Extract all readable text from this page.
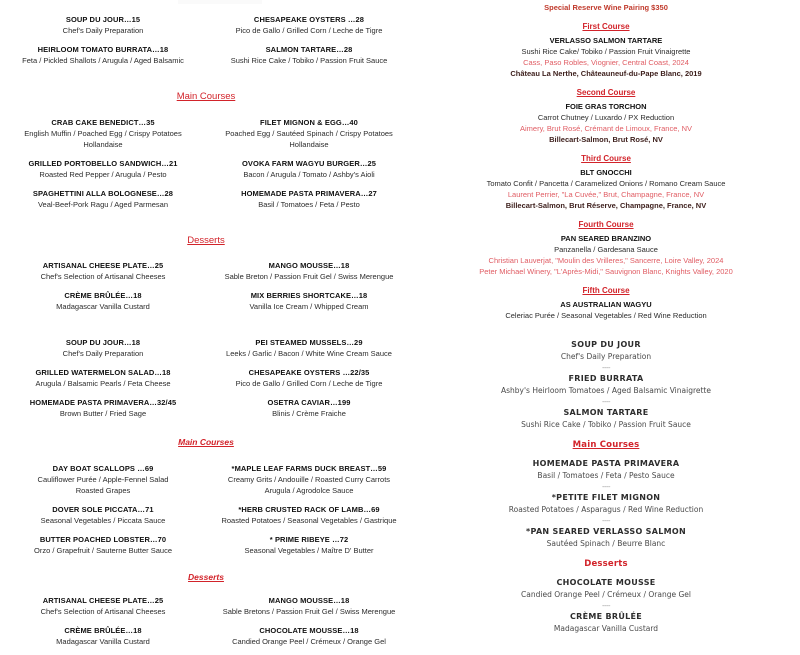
SOUP DU JOUR…15
Chef's Daily Preparation
HEIRLOOM TOMATO BURRATA…18
Feta / Pickled Shallots / Arugula / Aged Balsamic
CHESAPEAKE OYSTERS …28
Pico de Gallo / Grilled Corn / Leche de Tigre
SALMON TARTARE…28
Sushi Rice Cake / Tobiko / Passion Fruit Sauce
Main Courses
CRAB CAKE BENEDICT…35
English Muffin / Poached Egg / Crispy Potatoes
Hollandaise
GRILLED PORTOBELLO SANDWICH…21
Roasted Red Pepper / Arugula / Pesto
SPAGHETTINI ALLA BOLOGNESE…28
Veal-Beef-Pork Ragu / Aged Parmesan
FILET MIGNON & EGG…40
Poached Egg / Sautéed Spinach / Crispy Potatoes
Hollandaise
OVOKA FARM WAGYU BURGER…25
Bacon / Arugula / Tomato / Ashby's Aioli
HOMEMADE PASTA PRIMAVERA…27
Basil / Tomatoes / Feta / Pesto
Desserts
ARTISANAL CHEESE PLATE…25
Chef's Selection of Artisanal Cheeses
CRÈME BRÛLÉE…18
Madagascar Vanilla Custard
MANGO MOUSSE…18
Sable Breton / Passion Fruit Gel / Swiss Merengue
MIX BERRIES SHORTCAKE…18
Vanilla Ice Cream / Whipped Cream
SOUP DU JOUR…18
Chef's Daily Preparation
GRILLED WATERMELON SALAD…18
Arugula / Balsamic Pearls / Feta Cheese
HOMEMADE PASTA PRIMAVERA…32/45
Brown Butter / Fried Sage
PEI STEAMED MUSSELS…29
Leeks / Garlic / Bacon / White Wine Cream Sauce
CHESAPEAKE OYSTERS …22/35
Pico de Gallo / Grilled Corn / Leche de Tigre
OSETRA CAVIAR…199
Blinis / Crème Fraiche
Main Courses
DAY BOAT SCALLOPS …69
Cauliflower Purée / Apple-Fennel Salad
Roasted Grapes
DOVER SOLE PICCATA…71
Seasonal Vegetables / Piccata Sauce
BUTTER POACHED LOBSTER…70
Orzo / Grapefruit / Sauterne Butter Sauce
*MAPLE LEAF FARMS DUCK BREAST…59
Creamy Grits / Andouille / Roasted Curry Carrots
Arugula / Agrodolce Sauce
*HERB CRUSTED RACK OF LAMB…69
Roasted Potatoes / Seasonal Vegetables / Gastrique
* PRIME RIBEYE …72
Seasonal Vegetables / Maître D' Butter
Desserts
ARTISANAL CHEESE PLATE…25
Chef's Selection of Artisanal Cheeses
CRÈME BRÛLÉE…18
Madagascar Vanilla Custard
MANGO MOUSSE…18
Sable Bretons / Passion Fruit Gel / Swiss Merengue
CHOCOLATE MOUSSE…18
Candied Orange Peel / Crémeux / Orange Gel
Special Reserve Wine Pairing $350
First Course
VERLASSO SALMON TARTARE
Sushi Rice Cake/ Tobiko / Passion Fruit Vinaigrette
Cass, Paso Robles, Viognier, Central Coast, 2024
Château La Nerthe, Châteauneuf-du-Pape Blanc, 2019
Second Course
FOIE GRAS TORCHON
Carrot Chutney / Luxardo / PX Reduction
Aimery, Brut Rosé, Crémant de Limoux, France, NV
Billecart-Salmon, Brut Rosé, NV
Third Course
BLT GNOCCHI
Tomato Confit / Pancetta / Caramelized Onions / Romano Cream Sauce
Laurent Perrier, "La Cuvée," Brut, Champagne, France, NV
Billecart-Salmon, Brut Réserve, Champagne, France, NV
Fourth Course
PAN SEARED BRANZINO
Panzanella / Gardesana Sauce
Christian Lauverjat, "Moulin des Vrilleres," Sancerre, Loire Valley, 2024
Peter Michael Winery, "L'Après-Midi," Sauvignon Blanc, Knights Valley, 2020
Fifth Course
AS AUSTRALIAN WAGYU
Celeriac Purée / Seasonal Vegetables / Red Wine Reduction
SOUP DU JOUR
Chef's Daily Preparation
----
FRIED BURRATA
Ashby's Heirloom Tomatoes / Aged Balsamic Vinaigrette
----
SALMON TARTARE
Sushi Rice Cake / Tobiko / Passion Fruit Sauce
Main Courses
HOMEMADE PASTA PRIMAVERA
Basil / Tomatoes / Feta / Pesto Sauce
----
*PETITE FILET MIGNON
Roasted Potatoes / Asparagus / Red Wine Reduction
----
*PAN SEARED VERLASSO SALMON
Sautéed Spinach / Beurre Blanc
Desserts
CHOCOLATE MOUSSE
Candied Orange Peel / Crémeux / Orange Gel
----
CRÈME BRÛLÉE
Madagascar Vanilla Custard
